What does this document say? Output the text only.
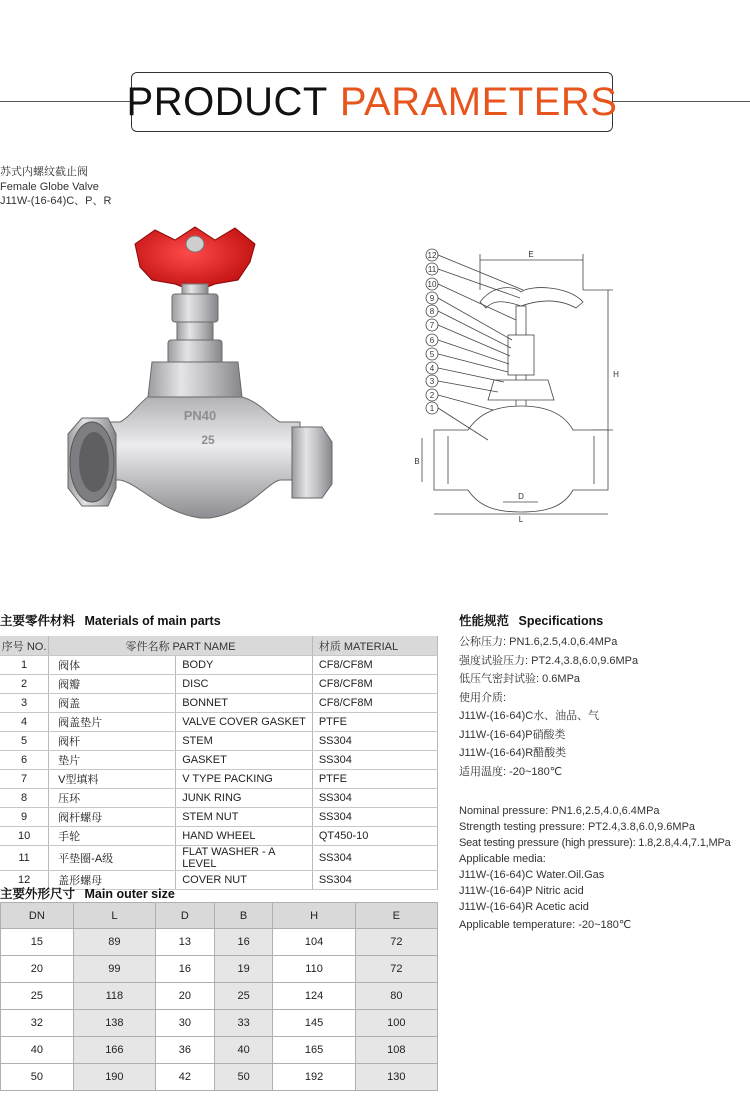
PRODUCT PARAMETERS
苏式内螺纹截止阀
Female Globe Valve
J11W-(16-64)C、P、R
PN40
25
12
11
10
9
8
7
6
5
4
3
2
1
E
H
B
D
L
主要零件材料 Materials of main parts
序号 NO.	零件名称 PART NAME		材质 MATERIAL
1	阀体	BODY	CF8/CF8M
2	阀瓣	DISC	CF8/CF8M
3	阀盖	BONNET	CF8/CF8M
4	阀盖垫片	VALVE COVER GASKET	PTFE
5	阀杆	STEM	SS304
6	垫片	GASKET	SS304
7	V型填料	V TYPE PACKING	PTFE
8	压环	JUNK RING	SS304
9	阀杆螺母	STEM NUT	SS304
10	手轮	HAND WHEEL	QT450-10
11	平垫圈-A级	FLAT WASHER - A LEVEL	SS304
12	盖形螺母	COVER NUT	SS304
主要外形尺寸 Main outer size
DN	L	D	B	H	E
15	89	13	16	104	72
20	99	16	19	110	72
25	118	20	25	124	80
32	138	30	33	145	100
40	166	36	40	165	108
50	190	42	50	192	130
性能规范 Specifications
公称压力: PN1.6,2.5,4.0,6.4MPa
强度试验压力: PT2.4,3.8,6.0,9.6MPa
低压气密封试验: 0.6MPa
使用介质:
J11W-(16-64)C水、油品、气
J11W-(16-64)P硝酸类
J11W-(16-64)R醋酸类
适用温度: -20~180℃
Nominal pressure: PN1.6,2.5,4.0,6.4MPa
Strength testing pressure: PT2.4,3.8,6.0,9.6MPa
Seat testing pressure (high pressure): 1.8,2.8,4.4,7.1,MPa
Applicable media:
J11W-(16-64)C Water.Oil.Gas
J11W-(16-64)P Nitric acid
J11W-(16-64)R Acetic acid
Applicable temperature: -20~180℃
